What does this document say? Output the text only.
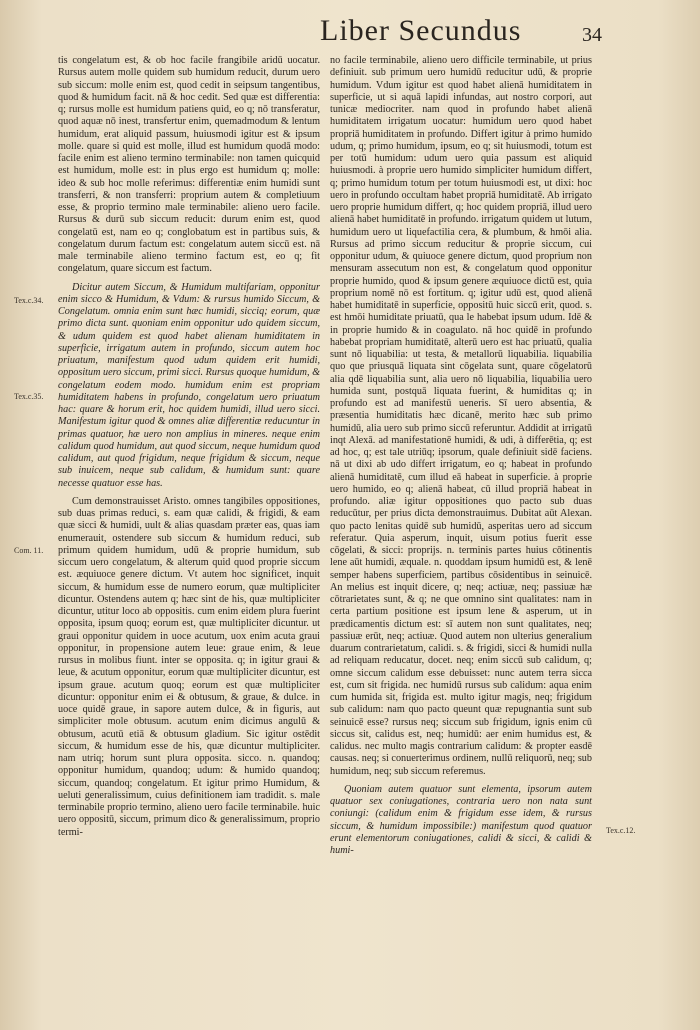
Liber Secundus	34
Tex.c.34.
Tex.c.35.
Com. 11.
Tex.c.12.

tis congelatum est, & ob hoc facile frangibile aridū uocatur. Rursus autem molle quidem sub humidum reducit, durum uero sub siccum: molle enim est, quod cedit in seipsum tangentibus, quod & humidum facit. nā & hoc cedit. Sed quæ est differentia: q; rursus molle est humidum patiens quid, eo q; nō transferatur, quod aquæ nō inest, transfertur enim, quemadmodum & lentum humidum, erat aliquid passum, huiusmodi igitur est & ipsum molle. quare si quid est molle, illud est humidum quodā modo: facile enim est alieno termino terminabile: non tamen quicquid est humidum, molle est: in plus ergo est humidum q; molle: ideo & sub hoc molle referimus: differentiæ enim humidi sunt transferri, & non transferri: proprium autem & completiuum esse, & proprio termino male terminabile: alieno uero facile. Rursus & durū sub siccum reducit: durum enim est, quod congelatū est, nam eo q; conglobatum est in partibus suis, & congelatum durum factum est: congelatum autem siccū est. nā male terminabile alieno termino factum est, eo q; fit congelatum, quare siccum est factum.

Dicitur autem Siccum, & Humidum multifariam, opponitur enim sicco & Humidum, & Vdum: & rursus humido Siccum, & Congelatum. omnia enim sunt hæc humidi, sicciq; eorum, quæ primo dicta sunt. quoniam enim opponitur udo quidem siccum, & udum quidem est quod habet alienam humiditatem in superficie, irrigatum autem in profundo, siccum autem hoc priuatum, manifestum quod udum quidem erit humidi, oppositum uero siccum, primi sicci. Rursus quoque humidum, & congelatum eodem modo. humidum enim est propriam humiditatem habens in profundo, congelatum uero priuatum hac: quare & horum erit, hoc quidem humidi, illud uero sicci. Manifestum igitur quod & omnes aliæ differentiæ reducuntur in primas quatuor, hæ uero non amplius in mineres. neque enim calidum quod humidum, aut quod siccum, neque humidum quod calidum, aut quod frigidum, neque frigidum & siccum, neque sub inuicem, neque sub calidum, & humidum sunt: quare necesse quatuor esse has.

Cum demonstrauisset Aristo. omnes tangibiles oppositiones, sub duas primas reduci, s. eam quæ calidi, & frigidi, & eam quæ sicci & humidi, uult & alias quasdam præter eas, quas iam enumerauit, ostendere sub siccum & humidum reduci, sub primum quidem humidum, udū & proprie humidum, sub siccum uero congelatum, & alterum quid quod proprie siccum est. æquiuoce genere dictum. Vt autem hoc significet, inquit siccum, & humidum esse de numero eorum, quæ multipliciter dicuntur. Ostendens autem q; hæc sint de his, quæ multipliciter dicuntur, utitur loco ab oppositis. cum enim eidem plura fuerint opposita, ipsum quoq; eorum est, quæ multipliciter dicuntur. ut graui opponitur quidem in uoce acutum, uox enim acuta graui opponitur, in propensione autem leue: graue enim, & leue rursus in molibus fiunt. inter se opposita. q; in igitur graui & leue, & acutum opponitur, eorum quæ multipliciter dicuntur, est ipsum graue. acutum quoq; eorum est quæ multipliciter dicuntur: opponitur enim ei & obtusum, & graue, & dulce. in uoce quidē graue, in sapore autem dulce, & in figuris, aut simpliciter mole obtusum. acutum enim dicimus angulū & obtusum, acutū etiā & obtusum gladium. Sic igitur ostēdit siccum, & humidum esse de his, quæ dicuntur multipliciter. nam utriq; horum sunt plura opposita. sicco. n. quandoq; opponitur humidum, quandoq; udum: & humido quandoq; siccum, quandoq; congelatum. Et igitur primo Humidum, & ueluti generalissimum, cuius definitionem iam tradidit. s. male terminabile proprio termino, alieno uero facile terminabile. huic uero oppositū, siccum, primum dico & generalissimum, proprio termi-

no facile terminabile, alieno uero difficile terminabile, ut prius definiuit. sub primum uero humidū reducitur udū, & proprie humidum. Vdum igitur est quod habet alienā humiditatem in superficie, ut si aquā lapidi infundas, aut nostro corpori, aut tunicæ mediocriter. nam quod in profundo habet alienā humiditatem irrigatum uocatur: humidum uero quod habet propriā humiditatem in profundo. Differt igitur à primo humido udum, q; primo humidum, ipsum, eo q; sit huiusmodi, totum est per totū humidum: udum uero quia passum est aliquid huiusmodi. à proprie uero humido simpliciter humidum differt, q; primo humidum totum per totum huiusmodi est, ut dixi: hoc uero in profundo occultam habet propriā humiditatē. Ab irrigato uero proprie humidum differt, q; hoc quidem propriā, illud uero alienā habet humiditatē in profundo. irrigatum quidem ut lutum, humidum uero ut liquefactilia cera, & plumbum, & hmōi alia. Rursus ad primo siccum reducitur & proprie siccum, cui opponitur udum, & quiuoce genere dictum, quod proprium non mensuram assecutum non est, & congelatum quod opponitur proprie humido, quod & ipsum genere æquiuoce dictū est, quia proprium nomē nō est fortitum. q; igitur udū est, quod alienā habet humiditatē in superficie, oppositū huic siccū erit, quod. s. est hmōi humiditate priuatū, qua le habebat ipsum udum. Idē & in proprie humido & in coagulato. nā hoc quidē in profundo habebat propriam humiditatē, alterū uero est hac priuatū, qualia sunt nō liquabilia: ut testa, & metallorū liquabilia. liquabilia quo que priusquā liquata sint cōgelata sunt, quare cōgelatorū alia qdē liquabilia sunt, alia uero nō liquabilia, liquabilia uero humida sunt, postquā liquata fuerint, & humiditas q; in profundo est ad manifestū ueneris. Sī uero absentia, & præsentia humiditatis hæc dicanē, merito hæc sub primo humidū, alia uero sub primo siccū referuntur. Addidit at irrigatū inqt Alexā. ad manifestationē humidi, & udi, à differētia, q; est ad hoc, q; est tale utriūq; ipsorum, quale definiuit sidē faciens. nā ut dixi ab udo differt irrigatum, eo q; habeat in profundo alienā humiditatē, cum illud eā habeat in superficie. à proprie uero humido, eo q; alienā habeat, cū illud propriā habeat in profundo. aliæ igitur oppositiones quo pacto sub duas reducūtur, per prius dicta demonstrauimus. Dubitat aūt Alexan. quo pacto lenitas quidē sub humidū, asperitas uero ad siccum referatur. Quia asperum, inquit, uisum potius fuerit esse cōgelati, & sicci: proprijs. n. terminis partes huius cōtinentis lene aūt humidi, æquale. n. quoddam ipsum humidū est, & lenē semper habens superficiem, partibus cōsidentibus in seinuicē. An melius est inquit dicere, q; neq; actiuæ, neq; passiuæ hæ cōtrarietates sunt, & q; ne que omnino sint qualitates: nam in certa partium positione est ipsum lene & asperum, ut in prædicamentis dictum est: sī autem non sunt qualitates, neq; passiuæ erūt, neq; actiuæ. Quod autem non ulterius generalium duarum contrarietatum, calidi. s. & frigidi, sicci & humidi nulla ad reliquam reducatur, docet. neq; enim siccū sub calidum, q; omne siccum calidum esse debuisset: nunc autem terra sicca est, cum sit frigida. nec humidū rursus sub calidum: aqua enim cum humida sit, frigida est. multo igitur magis, neq; frigidum sub calidum: nam quo pacto queunt quæ repugnantia sunt sub seinuicē esse? rursus neq; siccum sub frigidum, ignis enim cū siccus sit, calidus est, neq; humidū: aer enim humidus est, & calidus. nec multo magis contrarium calidum: & propter easdē causas. neq; si conuerterimus ordinem, nullū reliquorū, neq; sub humidum, neq; sub siccum referemus.

Quoniam autem quatuor sunt elementa, ipsorum autem quatuor sex coniugationes, contraria uero non nata sunt coniungi: (calidum enim & frigidum esse idem, & rursus siccum, & humidum impossibile:) manifestum quod quatuor erunt elementorum coniugationes, calidi & sicci, & calidi & humi-
